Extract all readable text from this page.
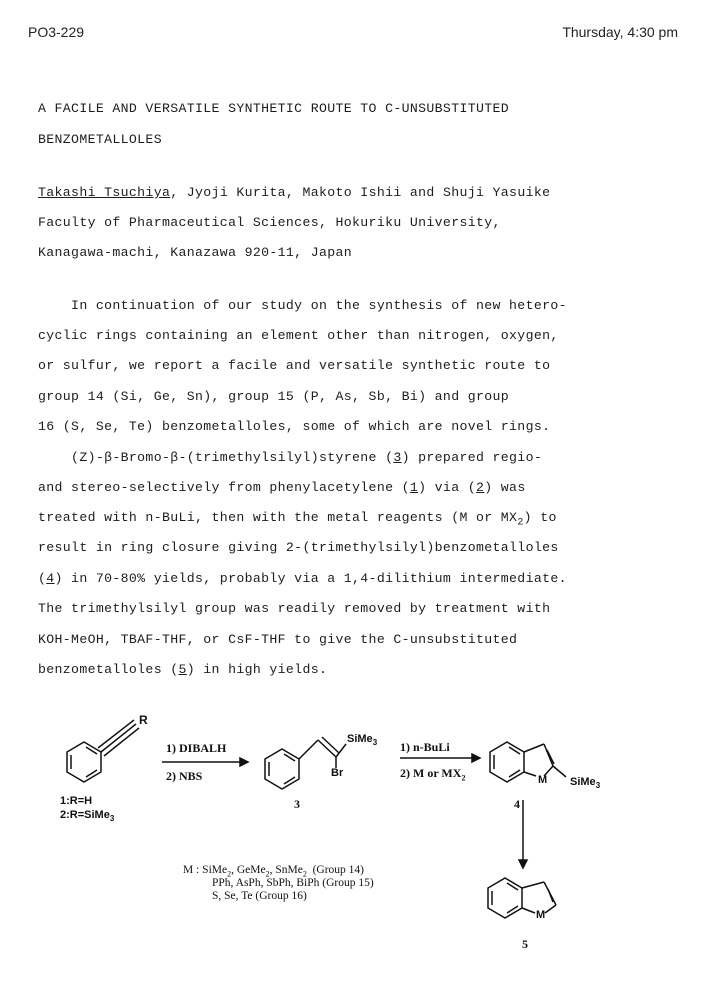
PO3-229	Thursday, 4:30 pm
A FACILE AND VERSATILE SYNTHETIC ROUTE TO C-UNSUBSTITUTED
BENZOMETALLOLES
Takashi Tsuchiya, Jyoji Kurita, Makoto Ishii and Shuji Yasuike
Faculty of Pharmaceutical Sciences, Hokuriku University,
Kanagawa-machi, Kanazawa 920-11, Japan
In continuation of our study on the synthesis of new hetero-
cyclic rings containing an element other than nitrogen, oxygen,
or sulfur, we report a facile and versatile synthetic route to
group 14 (Si, Ge, Sn), group 15 (P, As, Sb, Bi) and group
16 (S, Se, Te) benzometalloles, some of which are novel rings.
(Z)-β-Bromo-β-(trimethylsilyl)styrene (3) prepared regio-
and stereo-selectively from phenylacetylene (1) via (2) was
treated with n-BuLi, then with the metal reagents (M or $MX_2$) to
result in ring closure giving 2-(trimethylsilyl)benzometalloles
(4) in 70-80% yields, probably via a 1,4-dilithium intermediate.
The trimethylsilyl group was readily removed by treatment with
KOH-MeOH, TBAF-THF, or CsF-THF to give the C-unsubstituted
benzometalloles (5) in high yields.
R
1:R=H
2:R=SiMe$_3$
1) DIBALH
2) NBS
SiMe$_3$
Br
3
1) n-BuLi
2) M or $MX_2$	M SiMe$_3$
4
M
5
M : SiMe$_2$, GeMe$_2$, SnMe$_2$  (Group 14)
PPh, AsPh, SbPh, BiPh (Group 15)
S, Se, Te (Group 16)
